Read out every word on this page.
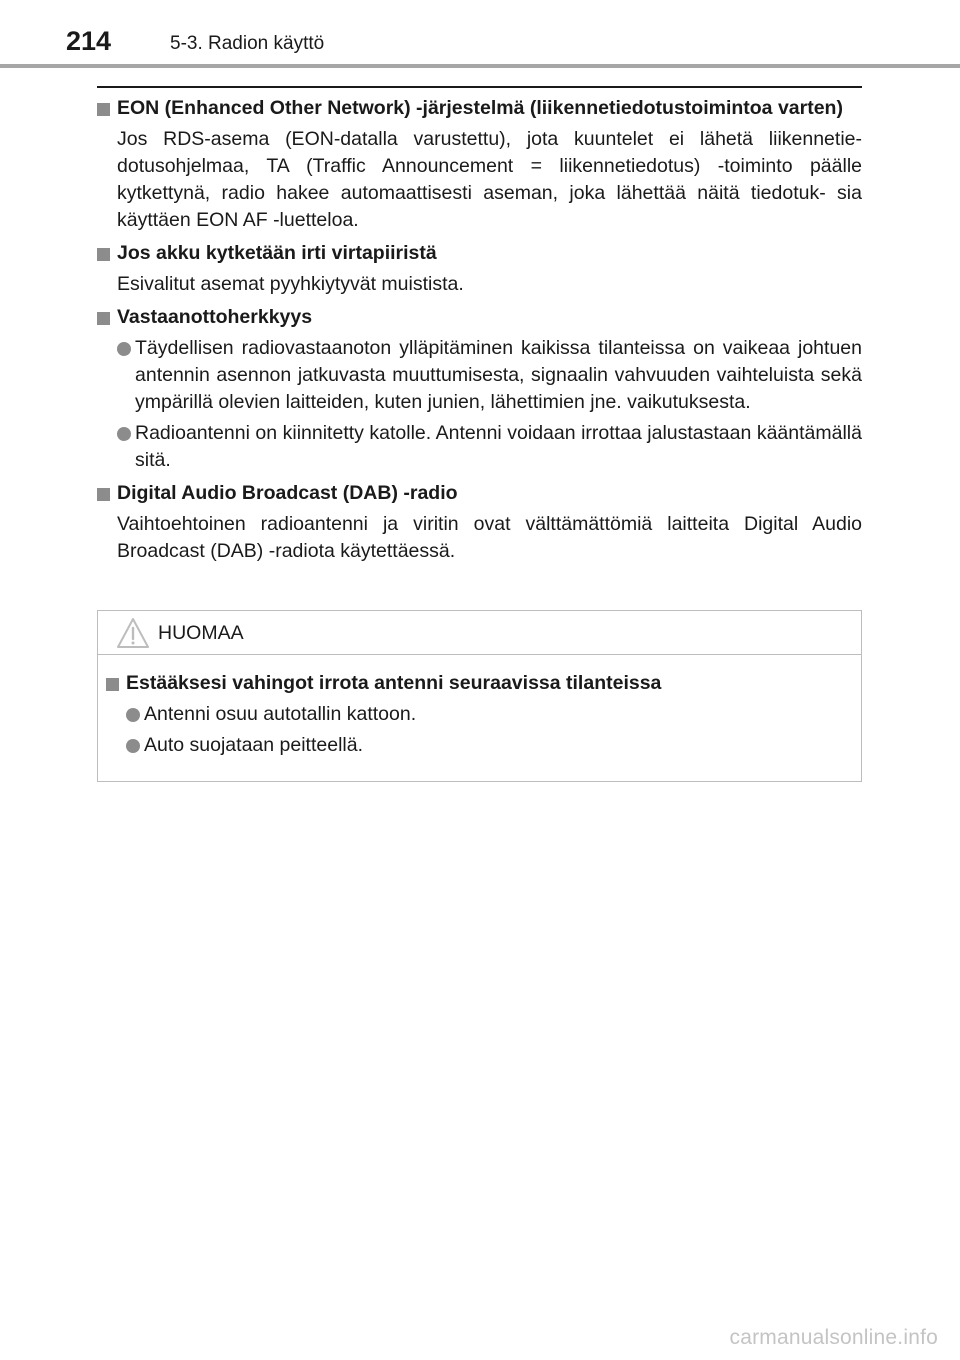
214	5-3. Radion käyttö
EON (Enhanced Other Network) -järjestelmä (liikennetiedotustoimintoa varten)
Jos RDS-asema (EON-datalla varustettu), jota kuuntelet ei lähetä liikennetie- dotusohjelmaa, TA (Traffic Announcement = liikennetiedotus) -toiminto päälle kytkettynä, radio hakee automaattisesti aseman, joka lähettää näitä tiedotuk- sia käyttäen EON AF -luetteloa.
Jos akku kytketään irti virtapiiristä
Esivalitut asemat pyyhkiytyvät muistista.
Vastaanottoherkkyys
Täydellisen radiovastaanoton ylläpitäminen kaikissa tilanteissa on vaikeaa johtuen antennin asennon jatkuvasta muuttumisesta, signaalin vahvuuden vaihteluista sekä ympärillä olevien laitteiden, kuten junien, lähettimien jne. vaikutuksesta.
Radioantenni on kiinnitetty katolle. Antenni voidaan irrottaa jalustastaan kääntämällä sitä.
Digital Audio Broadcast (DAB) -radio
Vaihtoehtoinen radioantenni ja viritin ovat välttämättömiä laitteita Digital Audio Broadcast (DAB) -radiota käytettäessä.
HUOMAA
Estääksesi vahingot irrota antenni seuraavissa tilanteissa
Antenni osuu autotallin kattoon.
Auto suojataan peitteellä.
carmanualsonline.info
